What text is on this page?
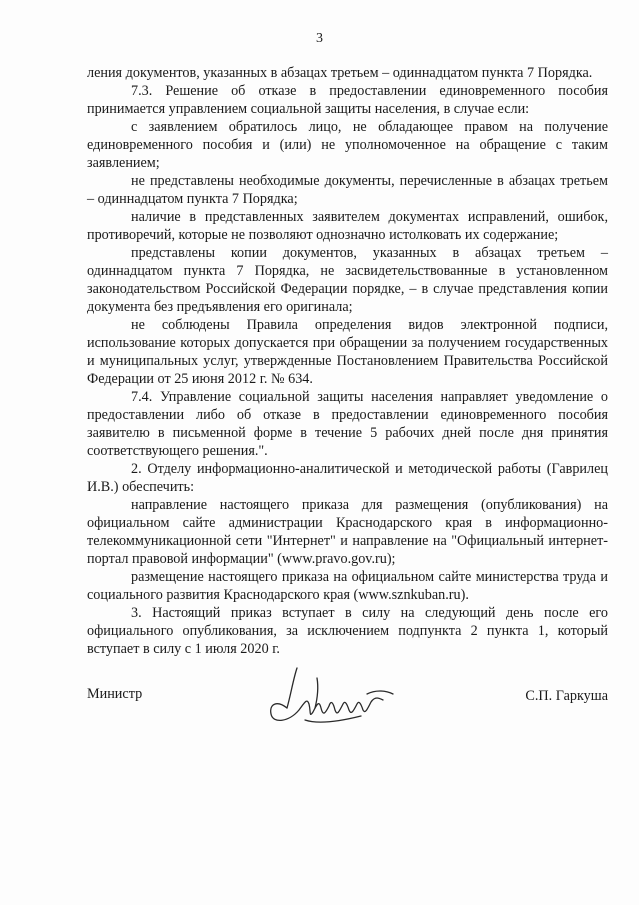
3

ления документов, указанных в абзацах третьем – одиннадцатом пункта 7 Порядка.

7.3. Решение об отказе в предоставлении единовременного пособия принимается управлением социальной защиты населения, в случае если:

с заявлением обратилось лицо, не обладающее правом на получение единовременного пособия и (или) не уполномоченное на обращение с таким заявлением;

не представлены необходимые документы, перечисленные в абзацах третьем – одиннадцатом пункта 7 Порядка;

наличие в представленных заявителем документах исправлений, ошибок, противоречий, которые не позволяют однозначно истолковать их содержание;

представлены копии документов, указанных в абзацах третьем – одиннадцатом пункта 7 Порядка, не засвидетельствованные в установленном законодательством Российской Федерации порядке, – в случае представления копии документа без предъявления его оригинала;

не соблюдены Правила определения видов электронной подписи, использование которых допускается при обращении за получением государственных и муниципальных услуг, утвержденные Постановлением Правительства Российской Федерации от 25 июня 2012 г. № 634.

7.4. Управление социальной защиты населения направляет уведомление о предоставлении либо об отказе в предоставлении единовременного пособия заявителю в письменной форме в течение 5 рабочих дней после дня принятия соответствующего решения.".

2. Отделу информационно-аналитической и методической работы (Гаврилец И.В.) обеспечить:

направление настоящего приказа для размещения (опубликования) на официальном сайте администрации Краснодарского края в информационно-телекоммуникационной сети "Интернет" и направление на "Официальный интернет-портал правовой информации" (www.pravo.gov.ru);

размещение настоящего приказа на официальном сайте министерства труда и социального развития Краснодарского края (www.sznkuban.ru).

3. Настоящий приказ вступает в силу на следующий день после его официального опубликования, за исключением подпункта 2 пункта 1, который вступает в силу с 1 июля 2020 г.

Министр	С.П. Гаркуша
